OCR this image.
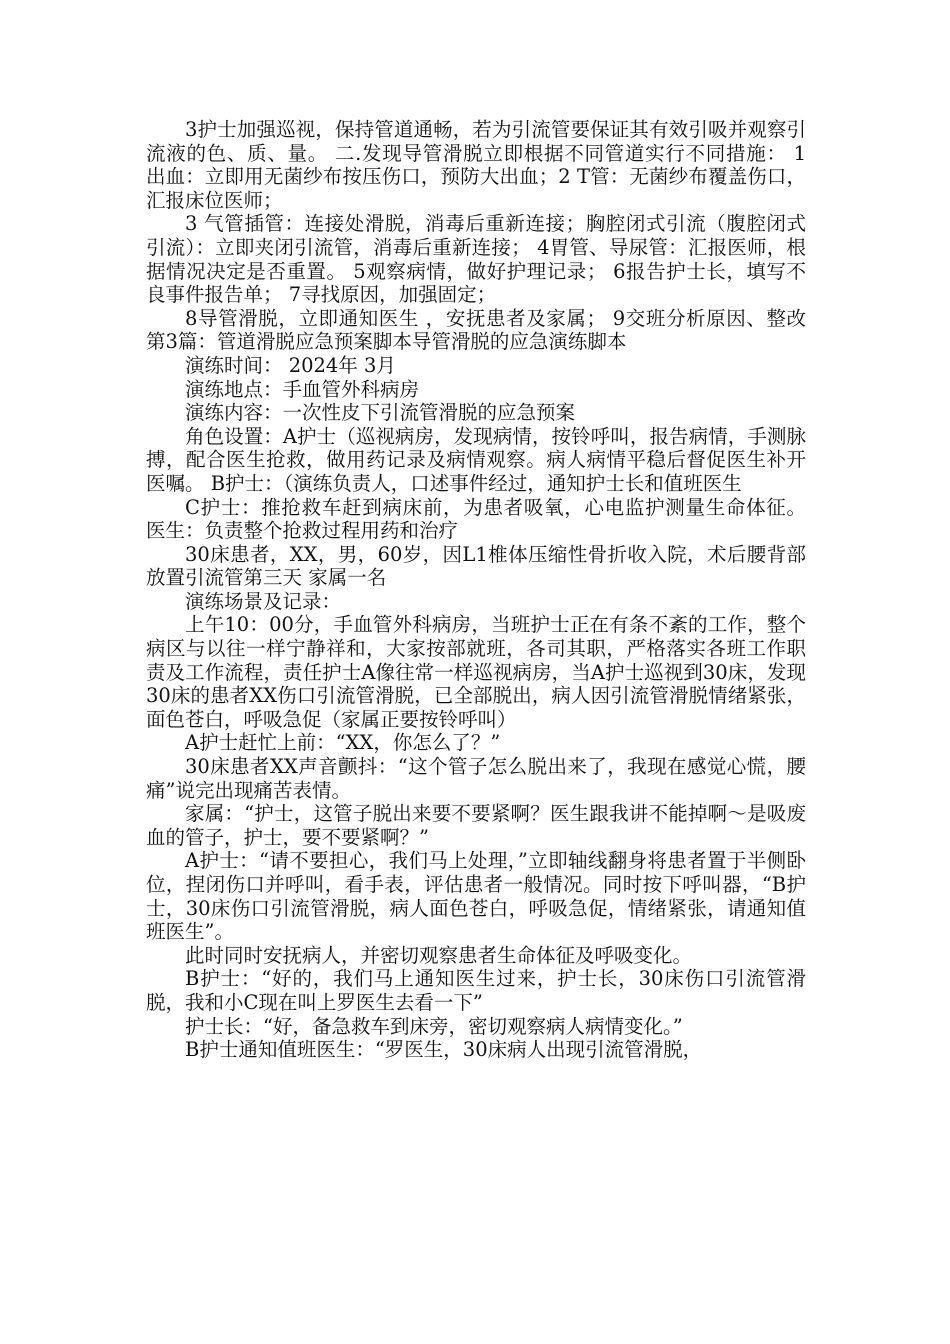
3护士加强巡视，保持管道通畅，若为引流管要保证其有效引吸并观察引流液的色、质、量。 二.发现导管滑脱立即根据不同管道实行不同措施： 1 出血：立即用无菌纱布按压伤口，预防大出血；2 T管：无菌纱布覆盖伤口，汇报床位医师；

3 气管插管：连接处滑脱，消毒后重新连接；胸腔闭式引流（腹腔闭式引流）：立即夹闭引流管，消毒后重新连接； 4胃管、导尿管：汇报医师，根据情况决定是否重置。 5观察病情，做好护理记录； 6报告护士长，填写不良事件报告单； 7寻找原因，加强固定；

8导管滑脱，立即通知医生 ，安抚患者及家属； 9交班分析原因、整改 第3篇：管道滑脱应急预案脚本导管滑脱的应急演练脚本

演练时间： 2024年 3月

演练地点：手血管外科病房

演练内容：一次性皮下引流管滑脱的应急预案

角色设置：A护士（巡视病房，发现病情，按铃呼叫，报告病情，手测脉搏，配合医生抢救，做用药记录及病情观察。病人病情平稳后督促医生补开医嘱。 B护士：（演练负责人，口述事件经过，通知护士长和值班医生

C护士：推抢救车赶到病床前，为患者吸氧，心电监护测量生命体征。 医生：负责整个抢救过程用药和治疗

30床患者，XX，男，60岁，因L1椎体压缩性骨折收入院，术后腰背部放置引流管第三天 家属一名

演练场景及记录：

上午10：00分，手血管外科病房，当班护士正在有条不紊的工作，整个病区与以往一样宁静祥和，大家按部就班，各司其职，严格落实各班工作职责及工作流程，责任护士A像往常一样巡视病房，当A护士巡视到30床，发现30床的患者XX伤口引流管滑脱，已全部脱出，病人因引流管滑脱情绪紧张，面色苍白，呼吸急促（家属正要按铃呼叫）

A护士赶忙上前：“XX，你怎么了？”

30床患者XX声音颤抖：“这个管子怎么脱出来了，我现在感觉心慌，腰痛”说完出现痛苦表情。

家属：“护士，这管子脱出来要不要紧啊？医生跟我讲不能掉啊～是吸废血的管子，护士，要不要紧啊？”

A护士：“请不要担心，我们马上处理，”立即轴线翻身将患者置于半侧卧位，捏闭伤口并呼叫，看手表，评估患者一般情况。同时按下呼叫器，“B护士，30床伤口引流管滑脱，病人面色苍白，呼吸急促，情绪紧张，请通知值班医生”。

此时同时安抚病人，并密切观察患者生命体征及呼吸变化。

B护士：“好的，我们马上通知医生过来，护士长，30床伤口引流管滑脱，我和小C现在叫上罗医生去看一下”

护士长：“好，备急救车到床旁，密切观察病人病情变化。”

B护士通知值班医生：“罗医生，30床病人出现引流管滑脱，
